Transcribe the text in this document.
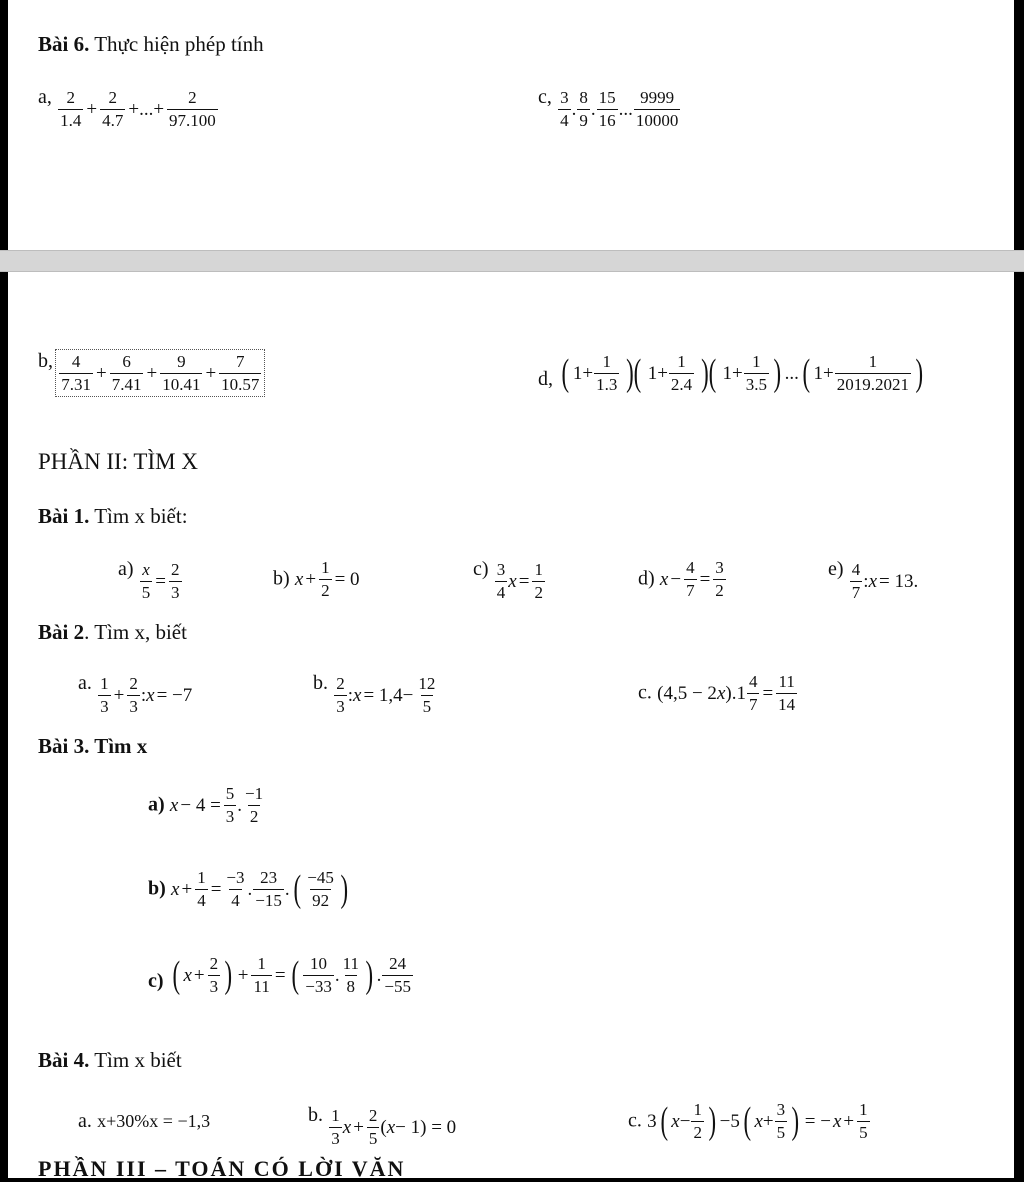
Bài 6. Thực hiện phép tính
a, 2
1.4
+ $\frac{2}{4.7}$ +...+ $\frac{2}{97.100}$	c, 3
4
.
8
9
.
15
16
...
9999
10000
b, 4
7.31
+ $\frac{6}{7.41} + \frac{9}{10.41} + \frac{7}{10.57}$	d, ( 1+
1
1.3 )( 1+
1
2.4 )( 1+
1
3.5 ) ... ( 1+
1
2019.2021 )
PHẦN II: TÌM X
Bài 1. Tìm x biết:
$a) \frac{x}{5} = \frac{2}{3}$	b) $x + \frac{1}{2} = 0$	c) 3
4
$x = \frac{1}{2}$	d) $x - \frac{4}{7} = \frac{3}{2}$	e) 4
7
: x = 13.
Bài 2. Tìm x, biết
a. 1
3
+ $\frac{2}{3}$ : x = −7
b. 2
3
: $x = 1,4- \frac{12}{5}$	c. (4,5 − 2 x )$.1 \frac{4}{7} = \frac{11}{14}$
Bài 3. Tìm x
a) $x - 4 = \frac{5}{3}$ .
−1
2
b) $x + \frac{1}{4} = \frac{-3}{4}$ .
23
−15
. ( −45
92 )
c) ( $x + \frac{2}{3}$ ) + $\frac{1}{11}$ = ( 10
−33
.
11
8 ) .
24
−55
Bài 4. Tìm x biết
a. x+30%x = −1,3	b. 1
3
$x + \frac{2}{5}$ ( x − 1) = 0	c. 3 ( x −
1
2 ) −5 ( x +
3
5 ) = − $x + \frac{1}{5}$
PHẦN III – TOÁN CÓ LỜI VĂN
